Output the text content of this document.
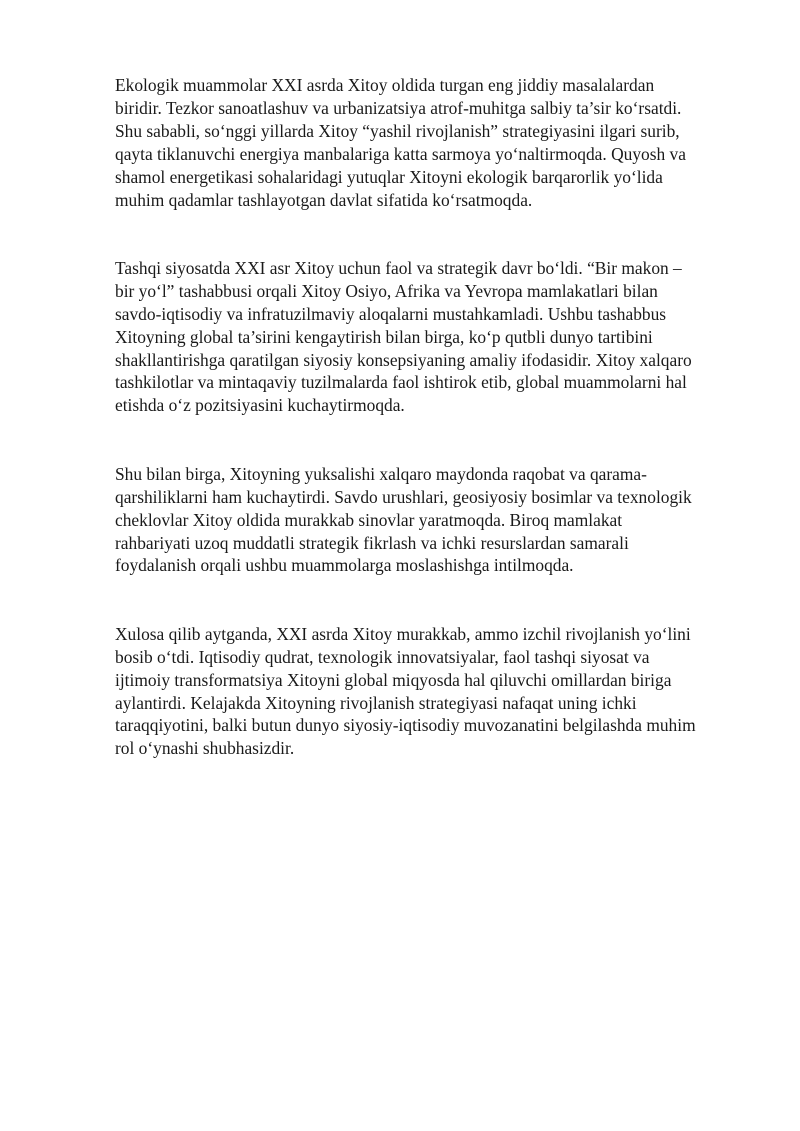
Ekologik muammolar XXI asrda Xitoy oldida turgan eng jiddiy masalalardan
biridir. Tezkor sanoatlashuv va urbanizatsiya atrof-muhitga salbiy ta’sir ko‘rsatdi.
Shu sababli, so‘nggi yillarda Xitoy “yashil rivojlanish” strategiyasini ilgari surib,
qayta tiklanuvchi energiya manbalariga katta sarmoya yo‘naltirmoqda. Quyosh va
shamol energetikasi sohalaridagi yutuqlar Xitoyni ekologik barqarorlik yo‘lida
muhim qadamlar tashlayotgan davlat sifatida ko‘rsatmoqda.

Tashqi siyosatda XXI asr Xitoy uchun faol va strategik davr bo‘ldi. “Bir makon –
bir yo‘l” tashabbusi orqali Xitoy Osiyo, Afrika va Yevropa mamlakatlari bilan
savdo-iqtisodiy va infratuzilmaviy aloqalarni mustahkamladi. Ushbu tashabbus
Xitoyning global ta’sirini kengaytirish bilan birga, ko‘p qutbli dunyo tartibini
shakllantirishga qaratilgan siyosiy konsepsiyaning amaliy ifodasidir. Xitoy xalqaro
tashkilotlar va mintaqaviy tuzilmalarda faol ishtirok etib, global muammolarni hal
etishda o‘z pozitsiyasini kuchaytirmoqda.

Shu bilan birga, Xitoyning yuksalishi xalqaro maydonda raqobat va qarama-
qarshiliklarni ham kuchaytirdi. Savdo urushlari, geosiyosiy bosimlar va texnologik
cheklovlar Xitoy oldida murakkab sinovlar yaratmoqda. Biroq mamlakat
rahbariyati uzoq muddatli strategik fikrlash va ichki resurslardan samarali
foydalanish orqali ushbu muammolarga moslashishga intilmoqda.

Xulosa qilib aytganda, XXI asrda Xitoy murakkab, ammo izchil rivojlanish yo‘lini
bosib o‘tdi. Iqtisodiy qudrat, texnologik innovatsiyalar, faol tashqi siyosat va
ijtimoiy transformatsiya Xitoyni global miqyosda hal qiluvchi omillardan biriga
aylantirdi. Kelajakda Xitoyning rivojlanish strategiyasi nafaqat uning ichki
taraqqiyotini, balki butun dunyo siyosiy-iqtisodiy muvozanatini belgilashda muhim
rol o‘ynashi shubhasizdir.
